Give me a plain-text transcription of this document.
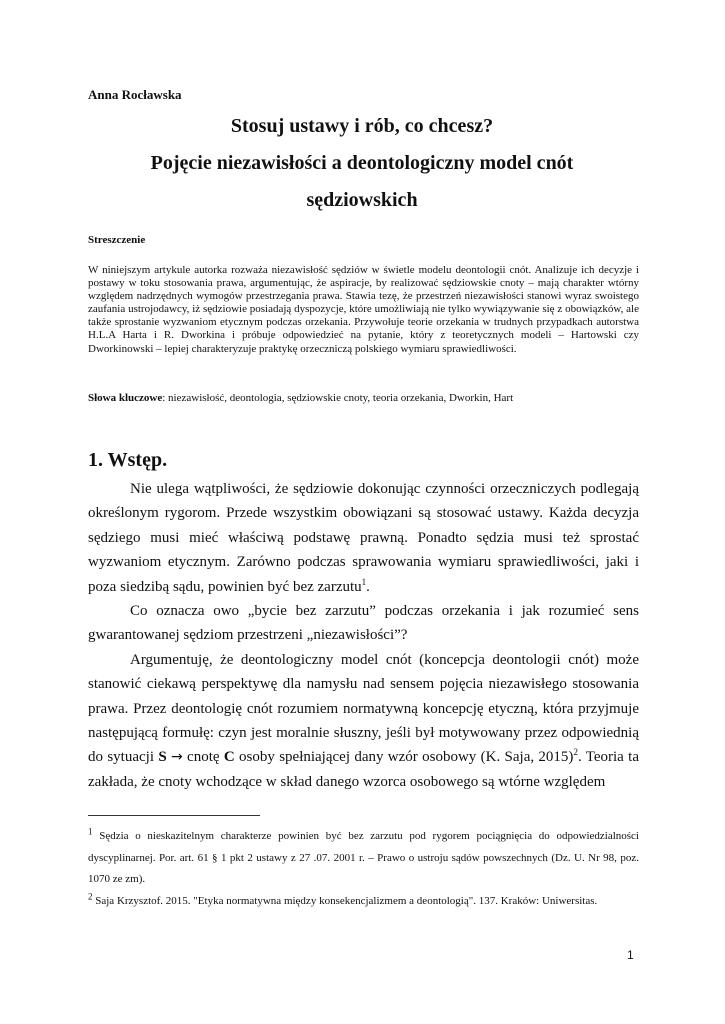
Anna Rocławska
Stosuj ustawy i rób, co chcesz?
Pojęcie niezawisłości a deontologiczny model cnót
sędziowskich
Streszczenie
W niniejszym artykule autorka rozważa niezawisłość sędziów w świetle modelu deontologii cnót. Analizuje ich decyzje i postawy w toku stosowania prawa, argumentując, że aspiracje, by realizować sędziowskie cnoty – mają charakter wtórny względem nadrzędnych wymogów przestrzegania prawa. Stawia tezę, że przestrzeń niezawisłości stanowi wyraz swoistego zaufania ustrojodawcy, iż sędziowie posiadają dyspozycje, które umożliwiają nie tylko wywiązywanie się z obowiązków, ale także sprostanie wyzwaniom etycznym podczas orzekania. Przywołuje teorie orzekania w trudnych przypadkach autorstwa H.L.A Harta i R. Dworkina i próbuje odpowiedzieć na pytanie, który z teoretycznych modeli – Hartowski czy Dworkinowski – lepiej charakteryzuje praktykę orzeczniczą polskiego wymiaru sprawiedliwości.
Słowa kluczowe: niezawisłość, deontologia, sędziowskie cnoty, teoria orzekania, Dworkin, Hart
1. Wstęp.

Nie ulega wątpliwości, że sędziowie dokonując czynności orzeczniczych podlegają określonym rygorom. Przede wszystkim obowiązani są stosować ustawy. Każda decyzja sędziego musi mieć właściwą podstawę prawną. Ponadto sędzia musi też sprostać wyzwaniom etycznym. Zarówno podczas sprawowania wymiaru sprawiedliwości, jaki i poza siedzibą sądu, powinien być bez zarzutu$^1$.

Co oznacza owo „bycie bez zarzutu” podczas orzekania i jak rozumieć sens gwarantowanej sędziom przestrzeni „niezawisłości”?

Argumentuję, że deontologiczny model cnót (koncepcja deontologii cnót) może stanowić ciekawą perspektywę dla namysłu nad sensem pojęcia niezawisłego stosowania prawa. Przez deontologię cnót rozumiem normatywną koncepcję etyczną, która przyjmuje następującą formułę: czyn jest moralnie słuszny, jeśli był motywowany przez odpowiednią do sytuacji S → cnotę C osoby spełniającej dany wzór osobowy (K. Saja, 2015)$^2$. Teoria ta zakłada, że cnoty wchodzące w skład danego wzorca osobowego są wtórne względem

$^1$ Sędzia o nieskazitelnym charakterze powinien być bez zarzutu pod rygorem pociągnięcia do odpowiedzialności dyscyplinarnej. Por. art. 61 § 1 pkt 2 ustawy z 27 .07. 2001 r. – Prawo o ustroju sądów powszechnych (Dz. U. Nr 98, poz. 1070 ze zm).

$^2$ Saja Krzysztof. 2015. "Etyka normatywna między konsekencjalizmem a deontologią". 137. Kraków: Uniwersitas.

1
